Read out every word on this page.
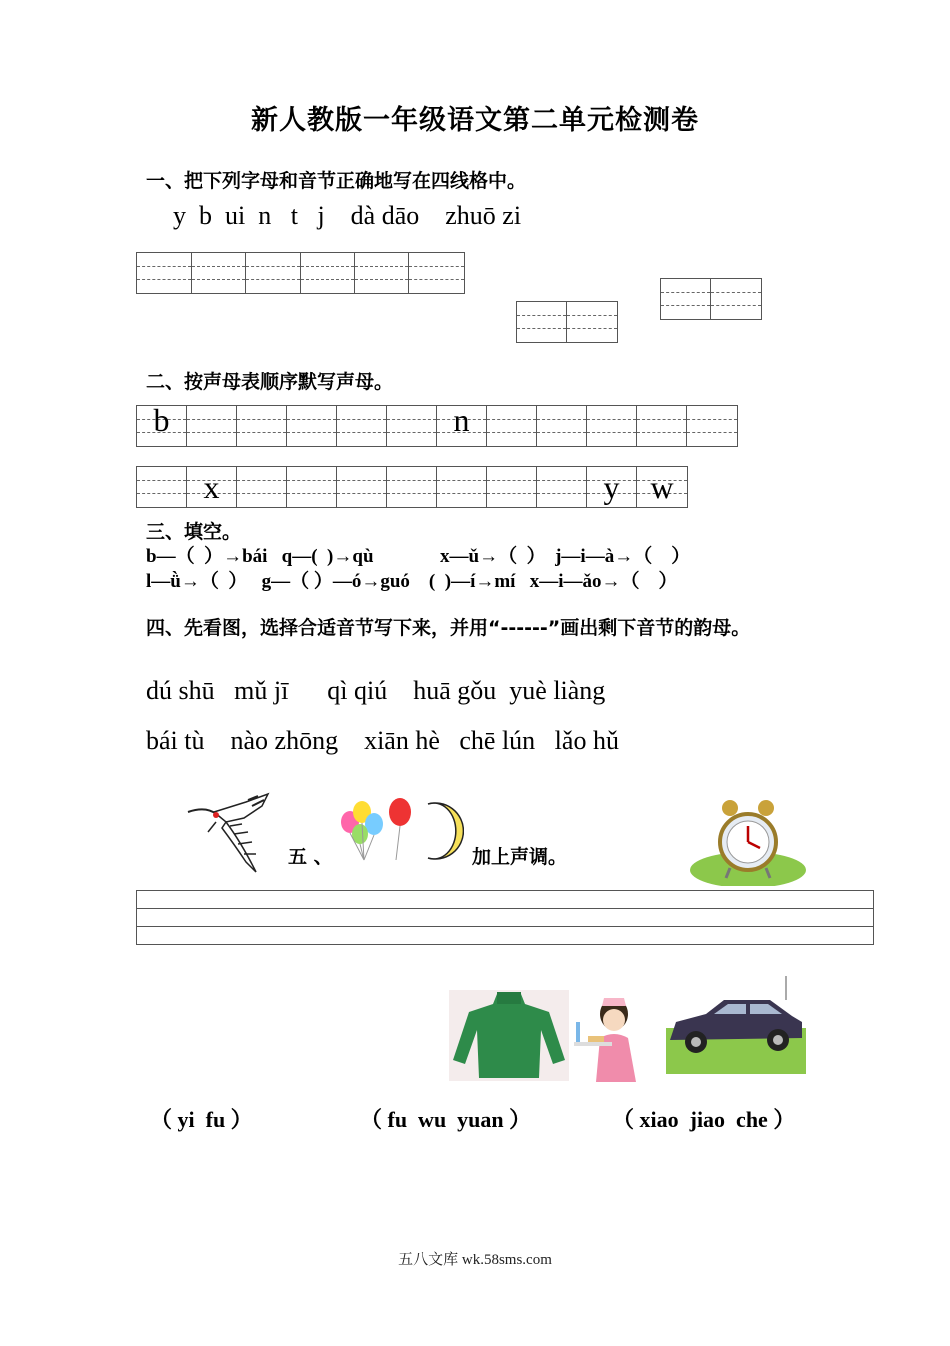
新人教版一年级语文第二单元检测卷
一、把下列字母和音节正确地写在四线格中。
y  b  ui  n   t   j    dà dāo    zhuō zi
二、按声母表顺序默写声母。
b	n
x	y w
三、填空。
b—（  ）→bái   q—(  )→qù              x—ǔ→（  ）  j—i—à→（    ）
l—ǜ→（  ）   g—（ ）—ó→guó    (  )—í→mí   x—i—ǎo→（    ）
四、先看图，选择合适音节写下来，并用“------”画出剩下音节的韵母。
dú shū   mǔ jī      qì qiú    huā gǒu  yuè liàng
bái tù    nào zhōng    xiān hè   chē lún   lǎo hǔ
五 、	加上声调。
（ yi  fu ）	（ fu  wu  yuan ）	（ xiao  jiao  che ）
五八文库 wk.58sms.com
